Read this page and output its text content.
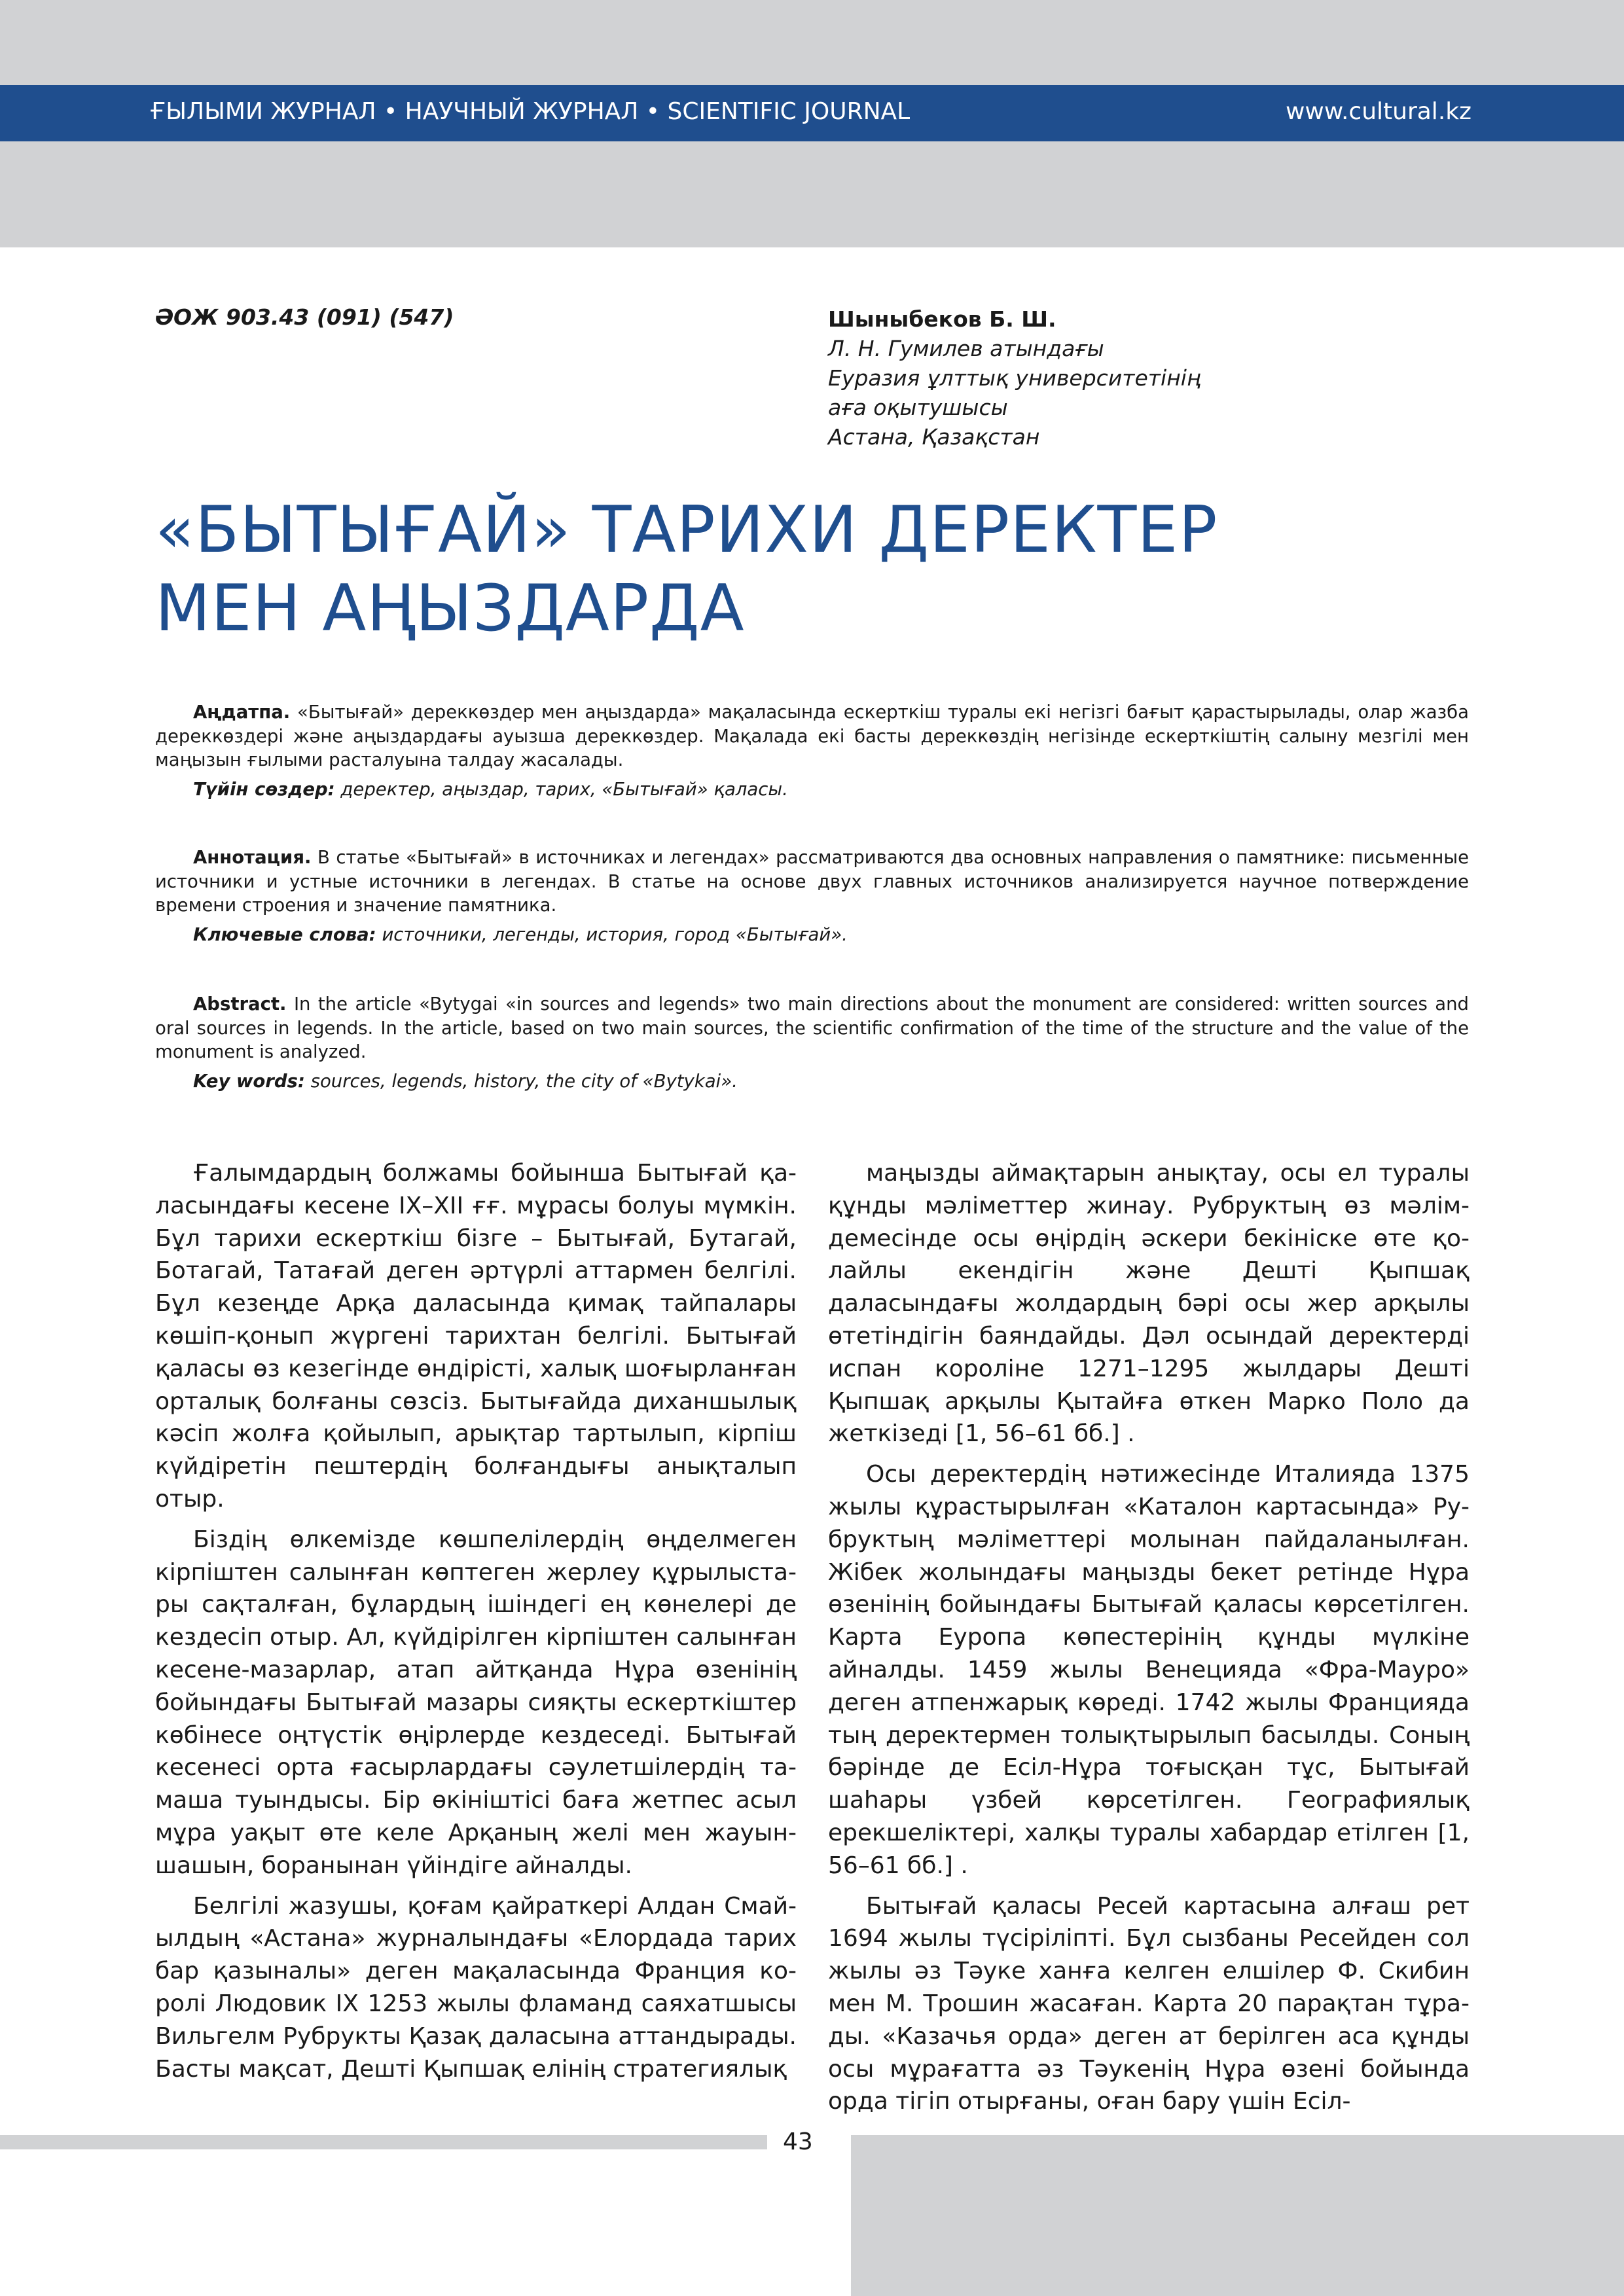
ҒЫЛЫМИ ЖУРНАЛ • НАУЧНЫЙ ЖУРНАЛ • SCIENTIFIC JOURNAL	www.cultural.kz
ӘОЖ 903.43 (091) (547)	Шыныбеков Б. Ш.
Л. Н. Гумилев атындағы
Еуразия ұлттық университетінің
аға оқытушысы
Астана, Қазақстан
«БЫТЫҒАЙ» ТАРИХИ ДЕРЕКТЕР
МЕН АҢЫЗДАРДА

Аңдатпа. «Бытығай» дереккөздер мен аңыздарда» мақаласында ескерткіш туралы екі негізгі бағыт қарастырылады, олар жазба дереккөздері және аңыздардағы ауызша дереккөздер. Мақалада екі басты дереккөздің негізінде ескерткіштің салыну мезгілі мен маңызын ғылыми расталуына талдау жасалады.

Түйін сөздер: деректер, аңыздар, тарих, «Бытығай» қаласы.

Аннотация. В статье «Бытығай» в источниках и легендах» рассматриваются два основных направления о памятнике: письменные источники и устные источники в легендах. В статье на основе двух главных источников анализируется научное потверждение времени строения и значение памятника.

Ключевые слова: источники, легенды, история, город «Бытығай».

Abstract. In the article «Bytygai «in sources and legends» two main directions about the monument are considered: written sources and oral sources in legends. In the article, based on two main sources, the scientific confirmation of the time of the structure and the value of the monument is analyzed.

Key words: sources, legends, history, the city of «Bytykai».

Ғалымдардың болжамы бойынша Бытығай қаласындағы кесене IX–XII ғғ. мұрасы болуы мүмкін. Бұл тарихи ескерткіш бізге – Бытығай, Бутагай, Ботагай, Татағай деген әртүрлі аттармен белгілі. Бұл кезеңде Арқа даласында қимақ тайпалары көшіп-қонып жүргені тарихтан белгілі. Бытығай қаласы өз кезегінде өндірісті, халық шоғырланған орталық болғаны сөзсіз. Бытығайда диханшылық кәсіп жолға қойылып, арықтар тартылып, кірпіш күйдіретін пештердің болғандығы анықталып отыр.

Біздің өлкемізде көшпелілердің өңделмеген кірпіштен салынған көптеген жерлеу құрылыстары сақталған, бұлардың ішіндегі ең көнелері де кездесіп отыр. Ал, күйдірілген кірпіштен салынған кесене-мазарлар, атап айтқанда Нұра өзенінің бойындағы Бытығай мазары сияқты ескерткіштер көбінесе оңтүстік өңірлерде кездеседі. Бытығай кесенесі орта ғасырлардағы сәулетшілердің тамаша туындысы. Бір өкініштісі баға жетпес асыл мұра уақыт өте келе Арқаның желі мен жауын-шашын, боранынан үйіндіге айналды.

Белгілі жазушы, қоғам қайраткері Алдан Смайылдың «Астана» журналындағы «Елордада тарих бар қазыналы» деген мақаласында Франция королі Людовик IX 1253 жылы фламанд саяхатшысы Вильгелм Рубрукты Қазақ даласына аттандырады. Басты мақсат, Дешті Қыпшақ елінің стратегиялық

маңызды аймақтарын анықтау, осы ел туралы құнды мәліметтер жинау. Рубруктың өз мәлімдемесінде осы өңірдің әскери бекініске өте қолайлы екендігін және Дешті Қыпшақ даласындағы жолдардың бәрі осы жер арқылы өтетіндігін баяндайды. Дәл осындай деректерді испан короліне 1271–1295 жылдары Дешті Қыпшақ арқылы Қытайға өткен Марко Поло да жеткізеді [1, 56–61 бб.] .

Осы деректердің нәтижесінде Италияда 1375 жылы құрастырылған «Каталон картасында» Рубруктың мәліметтері молынан пайдаланылған. Жібек жолындағы маңызды бекет ретінде Нұра өзенінің бойындағы Бытығай қаласы көрсетілген. Карта Еуропа көпестерінің құнды мүлкіне айналды. 1459 жылы Венецияда «Фра-Мауро» деген атпенжарық көреді. 1742 жылы Францияда тың деректермен толықтырылып басылды. Соның бәрінде де Есіл-Нұра тоғысқан тұс, Бытығай шаһары үзбей көрсетілген. Географиялық ерекшеліктері, халқы туралы хабардар етілген [1, 56–61 бб.] .

Бытығай қаласы Ресей картасына алғаш рет 1694 жылы түсірiлiптi. Бұл сызбаны Ресейден сол жылы әз Тәуке ханға келген елшілер Ф. Скибин мен М. Трошин жасаған. Карта 20 парақтан тұрады. «Казачья орда» деген ат берілген аса құнды осы мұрағатта әз Тәукенің Нұра өзені бойында орда тігіп отырғаны, оған бару үшін Есіл-

43
